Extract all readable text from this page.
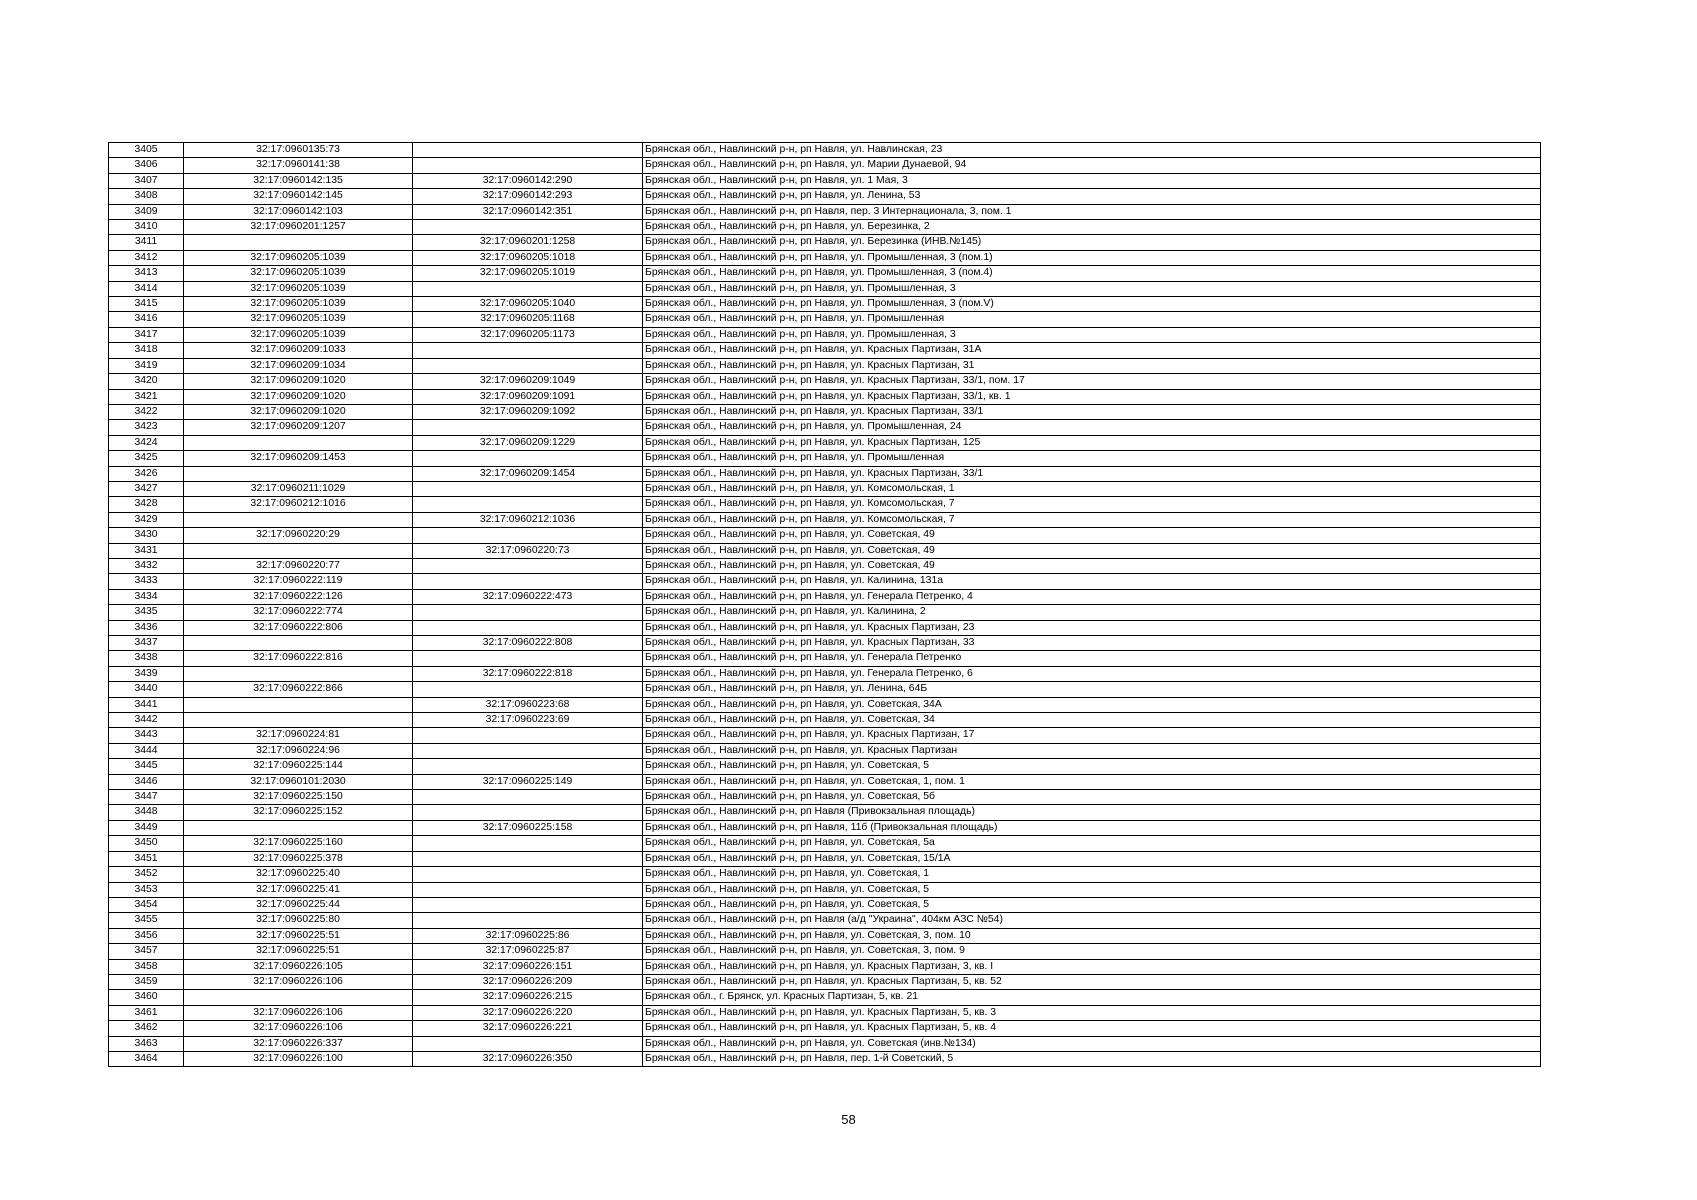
3405	32:17:0960135:73		Брянская обл., Навлинский р-н, рп Навля, ул. Навлинская, 23
3406	32:17:0960141:38		Брянская обл., Навлинский р-н, рп Навля, ул. Марии Дунаевой, 94
3407	32:17:0960142:135	32:17:0960142:290	Брянская обл., Навлинский р-н, рп Навля, ул. 1 Мая, 3
3408	32:17:0960142:145	32:17:0960142:293	Брянская обл., Навлинский р-н, рп Навля, ул. Ленина, 53
3409	32:17:0960142:103	32:17:0960142:351	Брянская обл., Навлинский р-н, рп Навля, пер. 3 Интернационала, 3, пом. 1
3410	32:17:0960201:1257		Брянская обл., Навлинский р-н, рп Навля, ул. Березинка, 2
3411		32:17:0960201:1258	Брянская обл., Навлинский р-н, рп Навля, ул. Березинка (ИНВ.№145)
3412	32:17:0960205:1039	32:17:0960205:1018	Брянская обл., Навлинский р-н, рп Навля, ул. Промышленная, 3 (пом.1)
3413	32:17:0960205:1039	32:17:0960205:1019	Брянская обл., Навлинский р-н, рп Навля, ул. Промышленная, 3 (пом.4)
3414	32:17:0960205:1039		Брянская обл., Навлинский р-н, рп Навля, ул. Промышленная, 3
3415	32:17:0960205:1039	32:17:0960205:1040	Брянская обл., Навлинский р-н, рп Навля, ул. Промышленная, 3 (пом.V)
3416	32:17:0960205:1039	32:17:0960205:1168	Брянская обл., Навлинский р-н, рп Навля, ул. Промышленная
3417	32:17:0960205:1039	32:17:0960205:1173	Брянская обл., Навлинский р-н, рп Навля, ул. Промышленная, 3
3418	32:17:0960209:1033		Брянская обл., Навлинский р-н, рп Навля, ул. Красных Партизан, 31А
3419	32:17:0960209:1034		Брянская обл., Навлинский р-н, рп Навля, ул. Красных Партизан, 31
3420	32:17:0960209:1020	32:17:0960209:1049	Брянская обл., Навлинский р-н, рп Навля, ул. Красных Партизан, 33/1, пом. 17
3421	32:17:0960209:1020	32:17:0960209:1091	Брянская обл., Навлинский р-н, рп Навля, ул. Красных Партизан, 33/1, кв. 1
3422	32:17:0960209:1020	32:17:0960209:1092	Брянская обл., Навлинский р-н, рп Навля, ул. Красных Партизан, 33/1
3423	32:17:0960209:1207		Брянская обл., Навлинский р-н, рп Навля, ул. Промышленная, 24
3424		32:17:0960209:1229	Брянская обл., Навлинский р-н, рп Навля, ул. Красных Партизан, 125
3425	32:17:0960209:1453		Брянская обл., Навлинский р-н, рп Навля, ул. Промышленная
3426		32:17:0960209:1454	Брянская обл., Навлинский р-н, рп Навля, ул. Красных Партизан, 33/1
3427	32:17:0960211:1029		Брянская обл., Навлинский р-н, рп Навля, ул. Комсомольская, 1
3428	32:17:0960212:1016		Брянская обл., Навлинский р-н, рп Навля, ул. Комсомольская, 7
3429		32:17:0960212:1036	Брянская обл., Навлинский р-н, рп Навля, ул. Комсомольская, 7
3430	32:17:0960220:29		Брянская обл., Навлинский р-н, рп Навля, ул. Советская, 49
3431		32:17:0960220:73	Брянская обл., Навлинский р-н, рп Навля, ул. Советская, 49
3432	32:17:0960220:77		Брянская обл., Навлинский р-н, рп Навля, ул. Советская, 49
3433	32:17:0960222:119		Брянская обл., Навлинский р-н, рп Навля, ул. Калинина, 131а
3434	32:17:0960222:126	32:17:0960222:473	Брянская обл., Навлинский р-н, рп Навля, ул. Генерала Петренко, 4
3435	32:17:0960222:774		Брянская обл., Навлинский р-н, рп Навля, ул. Калинина, 2
3436	32:17:0960222:806		Брянская обл., Навлинский р-н, рп Навля, ул. Красных Партизан, 23
3437		32:17:0960222:808	Брянская обл., Навлинский р-н, рп Навля, ул. Красных Партизан, 33
3438	32:17:0960222:816		Брянская обл., Навлинский р-н, рп Навля, ул. Генерала Петренко
3439		32:17:0960222:818	Брянская обл., Навлинский р-н, рп Навля, ул. Генерала Петренко, 6
3440	32:17:0960222:866		Брянская обл., Навлинский р-н, рп Навля, ул. Ленина, 64Б
3441		32:17:0960223:68	Брянская обл., Навлинский р-н, рп Навля, ул. Советская, 34А
3442		32:17:0960223:69	Брянская обл., Навлинский р-н, рп Навля, ул. Советская, 34
3443	32:17:0960224:81		Брянская обл., Навлинский р-н, рп Навля, ул. Красных Партизан, 17
3444	32:17:0960224:96		Брянская обл., Навлинский р-н, рп Навля, ул. Красных Партизан
3445	32:17:0960225:144		Брянская обл., Навлинский р-н, рп Навля, ул. Советская, 5
3446	32:17:0960101:2030	32:17:0960225:149	Брянская обл., Навлинский р-н, рп Навля, ул. Советская, 1, пом. 1
3447	32:17:0960225:150		Брянская обл., Навлинский р-н, рп Навля, ул. Советская, 5б
3448	32:17:0960225:152		Брянская обл., Навлинский р-н, рп Навля (Привокзальная площадь)
3449		32:17:0960225:158	Брянская обл., Навлинский р-н, рп Навля, 11б (Привокзальная площадь)
3450	32:17:0960225:160		Брянская обл., Навлинский р-н, рп Навля, ул. Советская, 5а
3451	32:17:0960225:378		Брянская обл., Навлинский р-н, рп Навля, ул. Советская, 15/1А
3452	32:17:0960225:40		Брянская обл., Навлинский р-н, рп Навля, ул. Советская, 1
3453	32:17:0960225:41		Брянская обл., Навлинский р-н, рп Навля, ул. Советская, 5
3454	32:17:0960225:44		Брянская обл., Навлинский р-н, рп Навля, ул. Советская, 5
3455	32:17:0960225:80		Брянская обл., Навлинский р-н, рп Навля (а/д "Украина", 404км АЗС №54)
3456	32:17:0960225:51	32:17:0960225:86	Брянская обл., Навлинский р-н, рп Навля, ул. Советская, 3, пом. 10
3457	32:17:0960225:51	32:17:0960225:87	Брянская обл., Навлинский р-н, рп Навля, ул. Советская, 3, пом. 9
3458	32:17:0960226:105	32:17:0960226:151	Брянская обл., Навлинский р-н, рп Навля, ул. Красных Партизан, 3, кв. I
3459	32:17:0960226:106	32:17:0960226:209	Брянская обл., Навлинский р-н, рп Навля, ул. Красных Партизан, 5, кв. 52
3460		32:17:0960226:215	Брянская обл., г. Брянск, ул. Красных Партизан, 5, кв. 21
3461	32:17:0960226:106	32:17:0960226:220	Брянская обл., Навлинский р-н, рп Навля, ул. Красных Партизан, 5, кв. 3
3462	32:17:0960226:106	32:17:0960226:221	Брянская обл., Навлинский р-н, рп Навля, ул. Красных Партизан, 5, кв. 4
3463	32:17:0960226:337		Брянская обл., Навлинский р-н, рп Навля, ул. Советская (инв.№134)
3464	32:17:0960226:100	32:17:0960226:350	Брянская обл., Навлинский р-н, рп Навля, пер. 1-й Советский, 5
58
